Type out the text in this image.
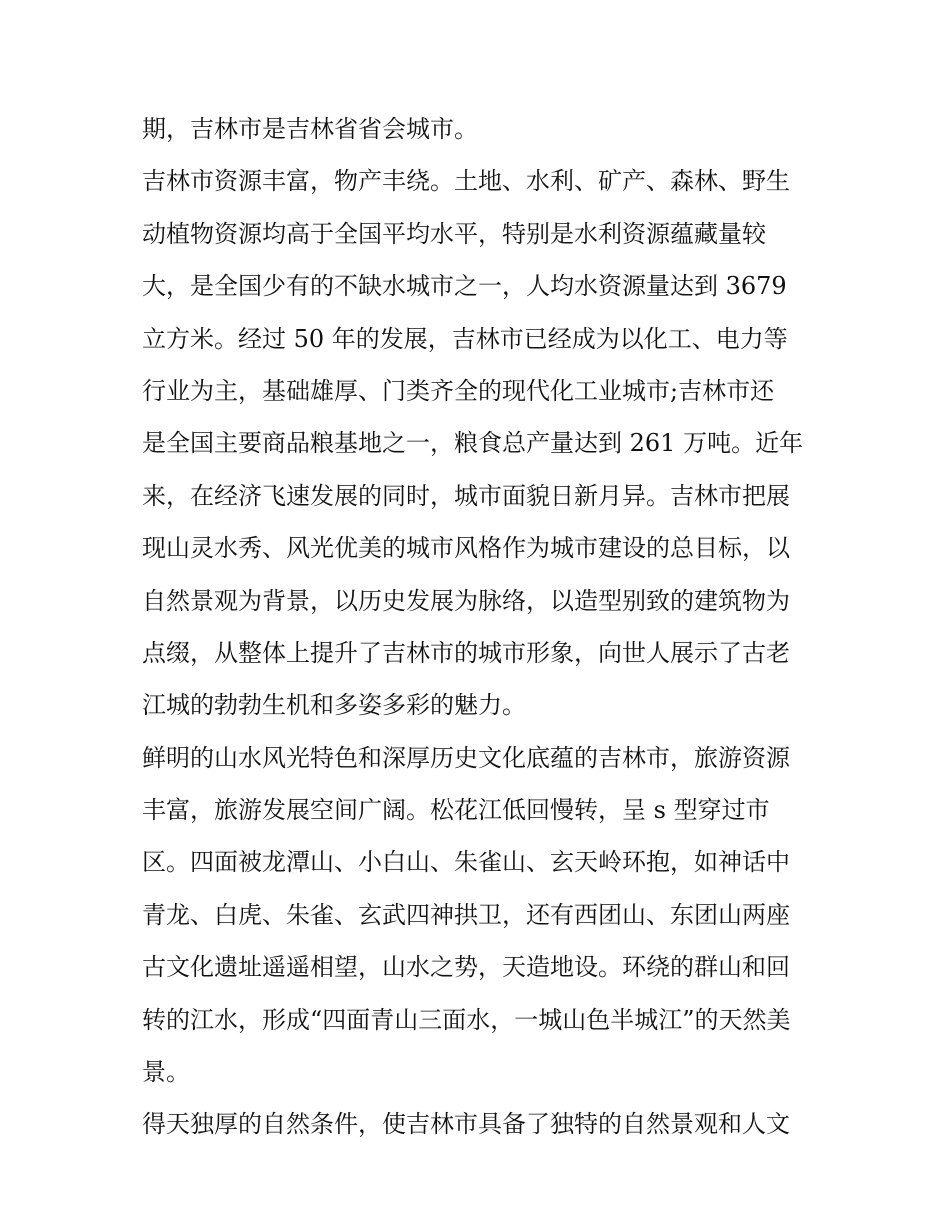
期，吉林市是吉林省省会城市。
吉林市资源丰富，物产丰绕。土地、水利、矿产、森林、野生
动植物资源均高于全国平均水平，特别是水利资源蕴藏量较
大，是全国少有的不缺水城市之一，人均水资源量达到 3679
立方米。经过 50 年的发展，吉林市已经成为以化工、电力等
行业为主，基础雄厚、门类齐全的现代化工业城市;吉林市还
是全国主要商品粮基地之一，粮食总产量达到 261 万吨。近年
来，在经济飞速发展的同时，城市面貌日新月异。吉林市把展
现山灵水秀、风光优美的城市风格作为城市建设的总目标，以
自然景观为背景，以历史发展为脉络，以造型别致的建筑物为
点缀，从整体上提升了吉林市的城市形象，向世人展示了古老
江城的勃勃生机和多姿多彩的魅力。
鲜明的山水风光特色和深厚历史文化底蕴的吉林市，旅游资源
丰富，旅游发展空间广阔。松花江低回慢转，呈 s 型穿过市
区。四面被龙潭山、小白山、朱雀山、玄天岭环抱，如神话中
青龙、白虎、朱雀、玄武四神拱卫，还有西团山、东团山两座
古文化遗址遥遥相望，山水之势，天造地设。环绕的群山和回
转的江水，形成“四面青山三面水，一城山色半城江”的天然美
景。
得天独厚的自然条件，使吉林市具备了独特的自然景观和人文
